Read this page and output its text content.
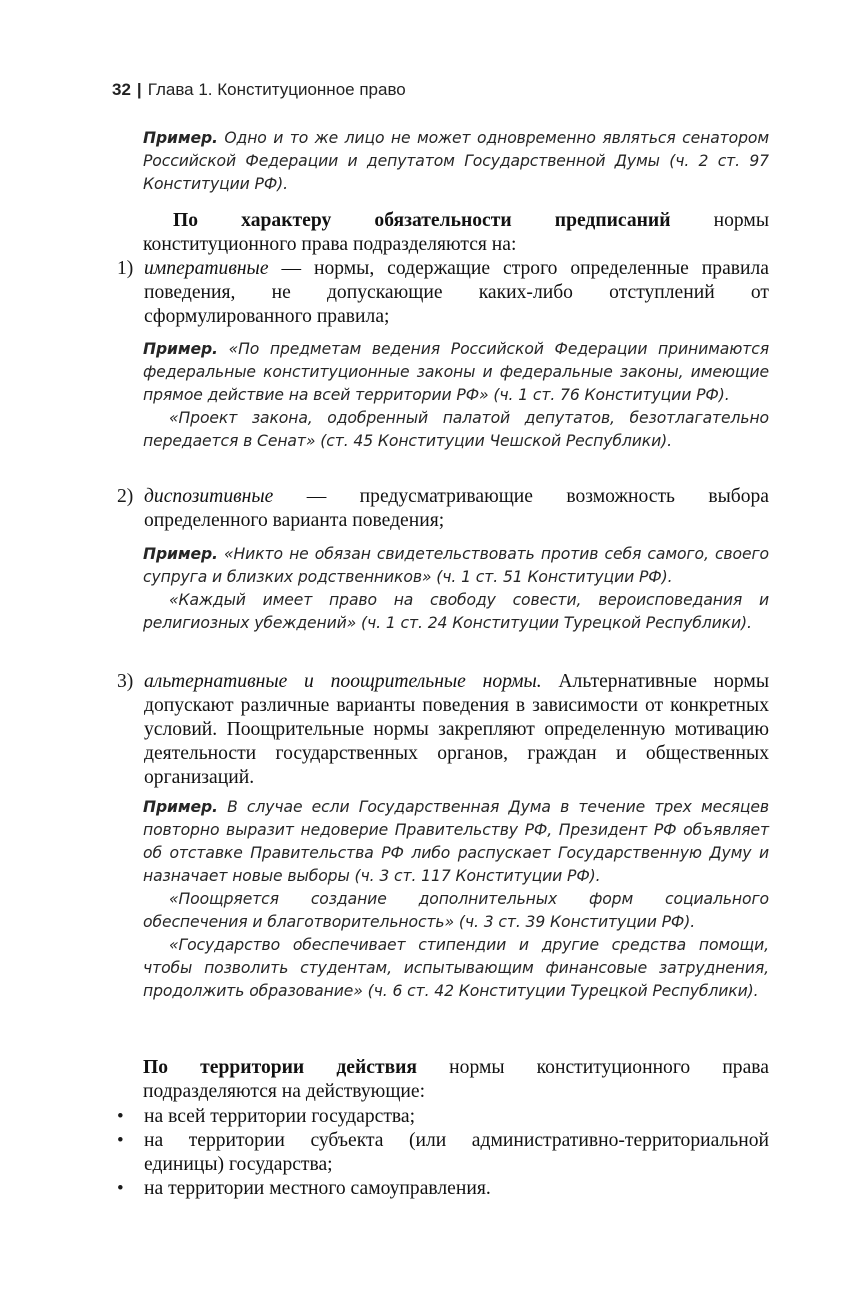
32 | Глава 1. Конституционное право

Пример. Одно и то же лицо не может одновременно являться сенатором Российской Федерации и депутатом Государственной Думы (ч. 2 ст. 97 Конституции РФ).

По характеру обязательности предписаний нормы конституционного права подразделяются на:

1) императивные — нормы, содержащие строго определенные правила поведения, не допускающие каких-либо отступлений от сформулированного правила;

Пример. «По предметам ведения Российской Федерации принимаются федеральные конституционные законы и федеральные законы, имеющие прямое действие на всей территории РФ» (ч. 1 ст. 76 Конституции РФ).

«Проект закона, одобренный палатой депутатов, безотлагательно передается в Сенат» (ст. 45 Конституции Чешской Республики).

2) диспозитивные — предусматривающие возможность выбора определенного варианта поведения;

Пример. «Никто не обязан свидетельствовать против себя самого, своего супруга и близких родственников» (ч. 1 ст. 51 Конституции РФ).

«Каждый имеет право на свободу совести, вероисповедания и религиозных убеждений» (ч. 1 ст. 24 Конституции Турецкой Республики).

3) альтернативные и поощрительные нормы. Альтернативные нормы допускают различные варианты поведения в зависимости от конкретных условий. Поощрительные нормы закрепляют определенную мотивацию деятельности государственных органов, граждан и общественных организаций.

Пример. В случае если Государственная Дума в течение трех месяцев повторно выразит недоверие Правительству РФ, Президент РФ объявляет об отставке Правительства РФ либо распускает Государственную Думу и назначает новые выборы (ч. 3 ст. 117 Конституции РФ).

«Поощряется создание дополнительных форм социального обеспечения и благотворительность» (ч. 3 ст. 39 Конституции РФ).

«Государство обеспечивает стипендии и другие средства помощи, чтобы позволить студентам, испытывающим финансовые затруднения, продолжить образование» (ч. 6 ст. 42 Конституции Турецкой Республики).

По территории действия нормы конституционного права подразделяются на действующие:

• на всей территории государства;
• на территории субъекта (или административно-территориальной единицы) государства;
• на территории местного самоуправления.
